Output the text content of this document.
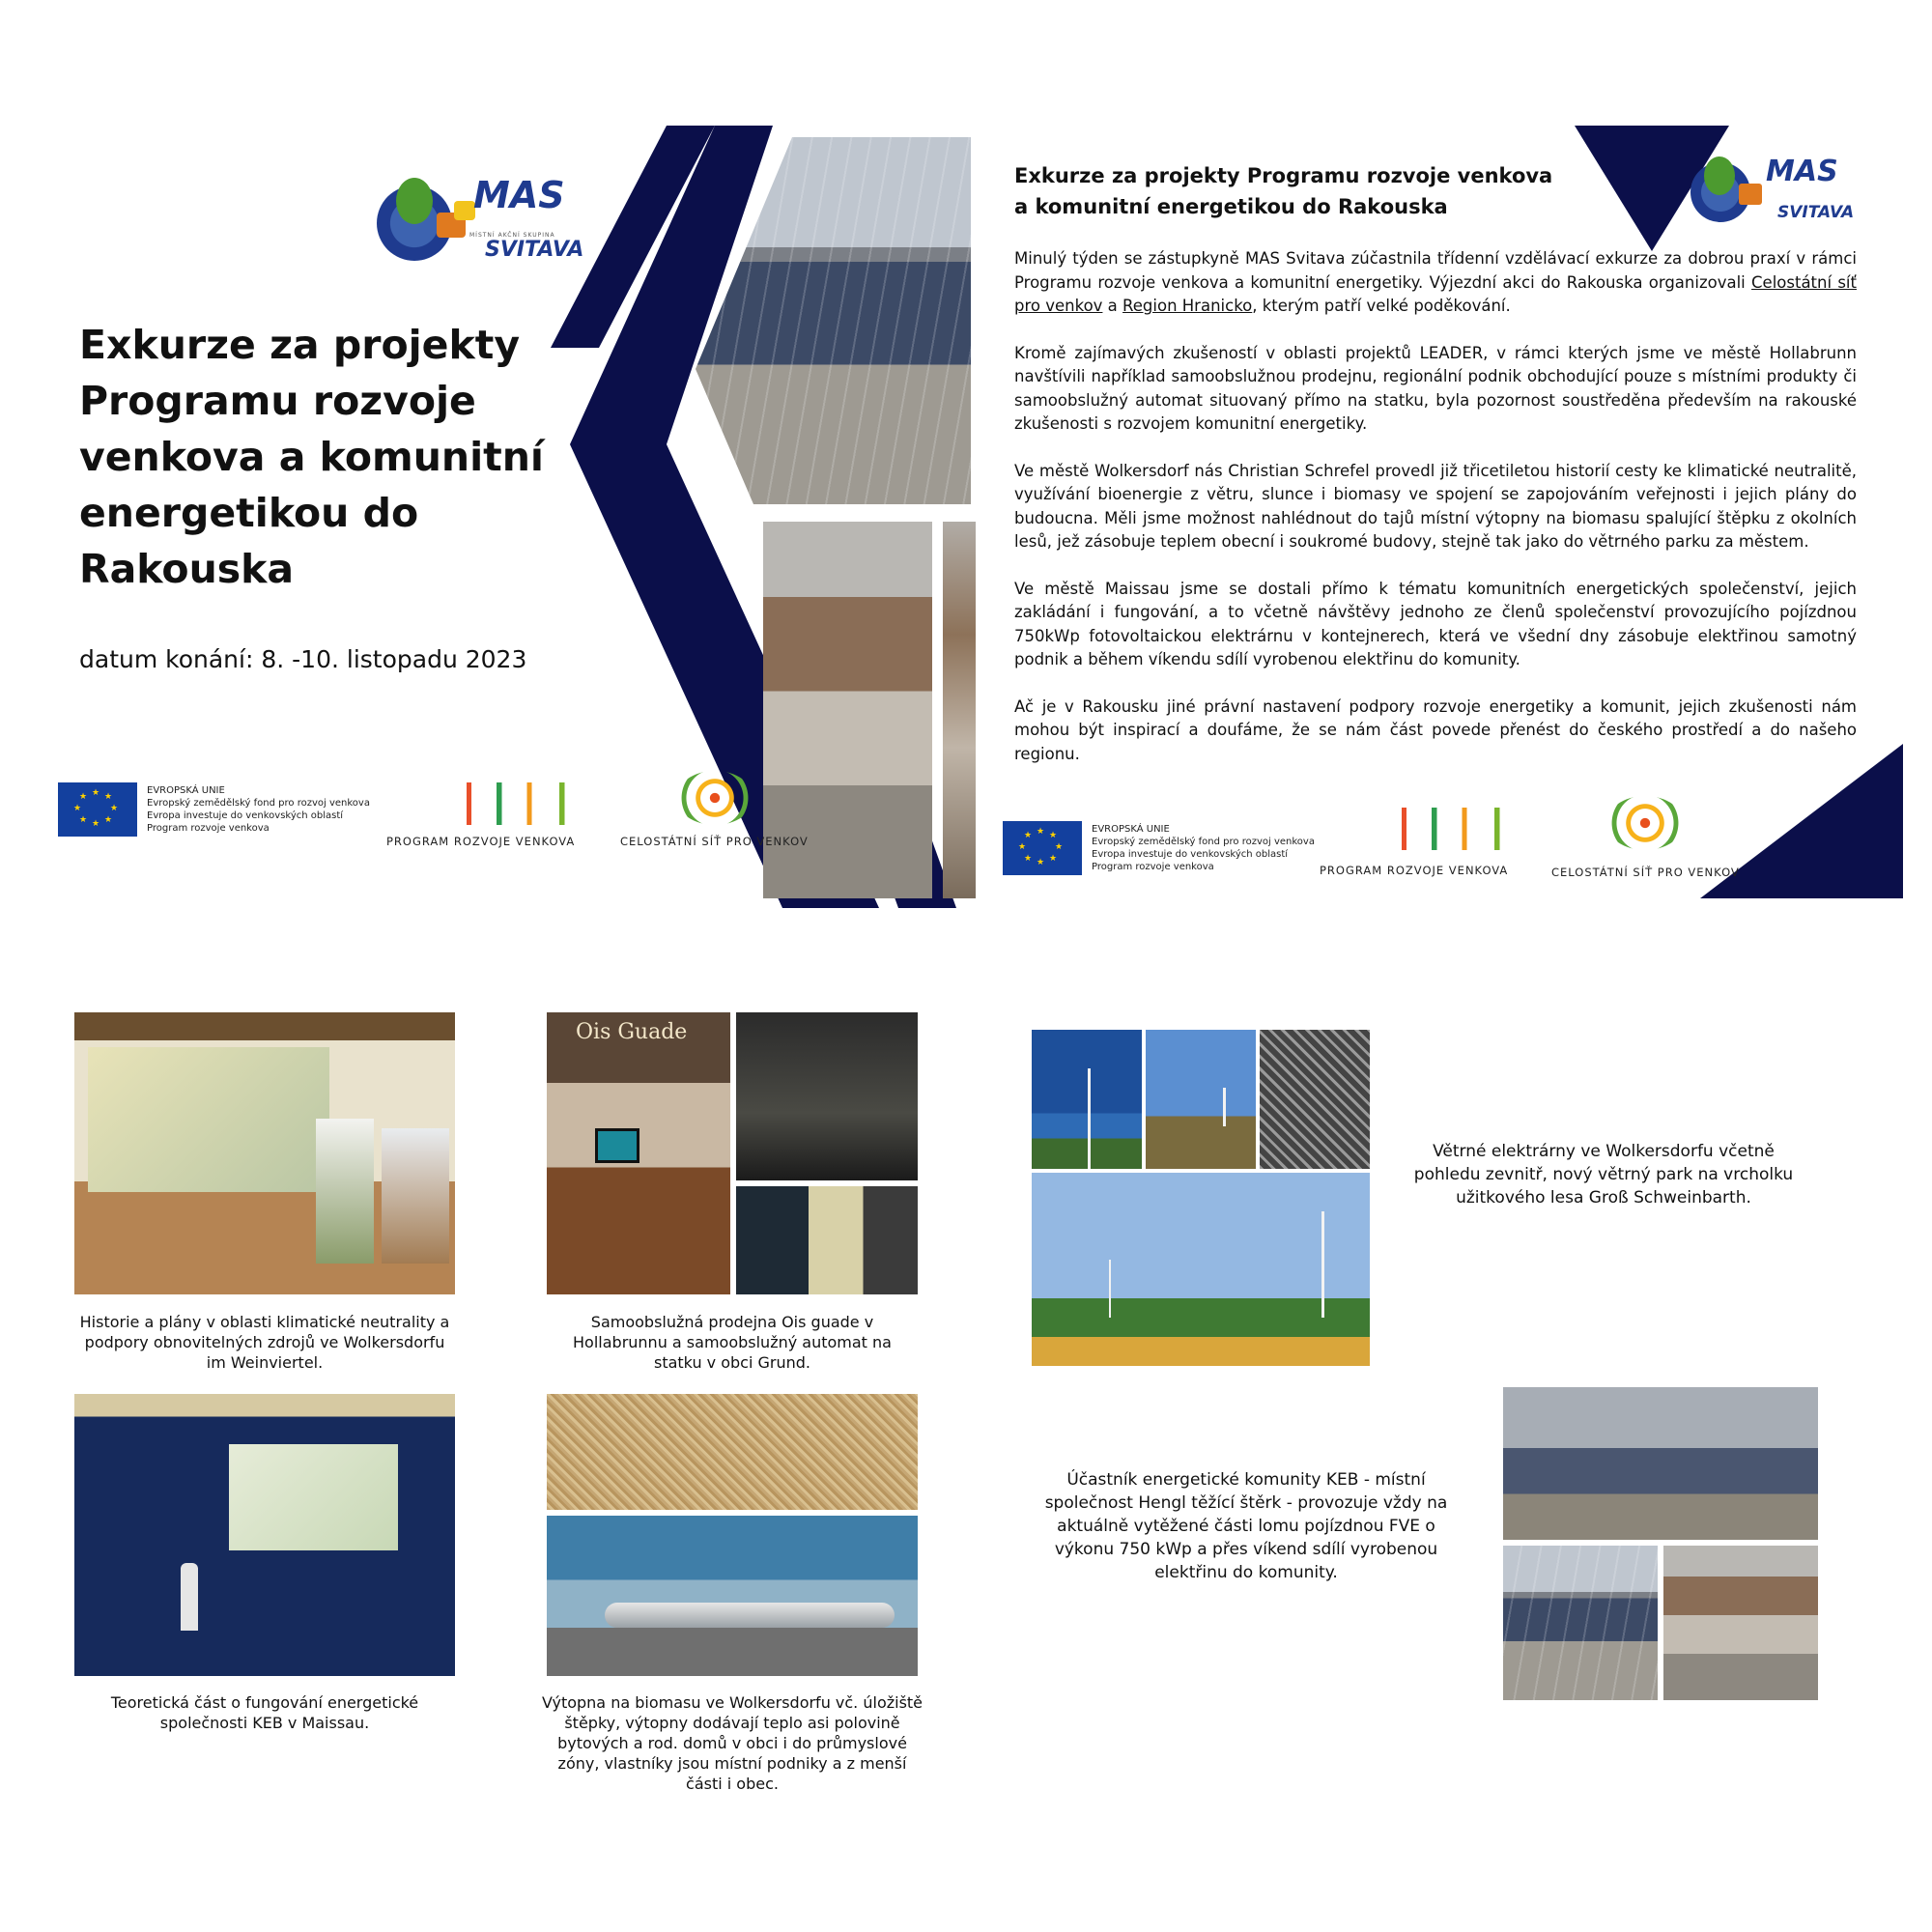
MAS
MÍSTNÍ AKČNÍ SKUPINA
SVITAVA
Exkurze za projekty
Programu rozvoje
venkova a komunitní
energetikou do
Rakouska
datum konání: 8. -10. listopadu 2023
★ ★
★
★
★
★
★
★
EVROPSKÁ UNIE
Evropský zemědělský fond pro rozvoj venkova
Evropa investuje do venkovských oblastí
Program rozvoje venkova
PROGRAM ROZVOJE VENKOVA	CELOSTÁTNÍ SÍŤ PRO VENKOV
MAS
SVITAVA
Exkurze za projekty Programu rozvoje venkova
a komunitní energetikou do Rakouska

Minulý týden se zástupkyně MAS Svitava zúčastnila třídenní vzdělávací exkurze za dobrou praxí v rámci Programu rozvoje venkova a komunitní energetiky. Výjezdní akci do Rakouska organizovali Celostátní síť pro venkov a Region Hranicko, kterým patří velké poděkování.

Kromě zajímavých zkušeností v oblasti projektů LEADER, v rámci kterých jsme ve městě Hollabrunn navštívili například samoobslužnou prodejnu, regionální podnik obchodující pouze s místními produkty či samoobslužný automat situovaný přímo na statku, byla pozornost soustředěna především na rakouské zkušenosti s rozvojem komunitní energetiky.

Ve městě Wolkersdorf nás Christian Schrefel provedl již třicetiletou historií cesty ke klimatické neutralitě, využívání bioenergie z větru, slunce i biomasy ve spojení se zapojováním veřejnosti i jejich plány do budoucna. Měli jsme možnost nahlédnout do tajů místní výtopny na biomasu spalující štěpku z okolních lesů, jež zásobuje teplem obecní i soukromé budovy, stejně tak jako do větrného parku za městem.

Ve městě Maissau jsme se dostali přímo k tématu komunitních energetických společenství, jejich zakládání i fungování, a to včetně návštěvy jednoho ze členů společenství provozujícího pojízdnou 750kWp fotovoltaickou elektrárnu v kontejnerech, která ve všední dny zásobuje elektřinou samotný podnik a během víkendu sdílí vyrobenou elektřinu do komunity.

Ač je v Rakousku jiné právní nastavení podpory rozvoje energetiky a komunit, jejich zkušenosti nám mohou být inspirací a doufáme, že se nám část povede přenést do českého prostředí a do našeho regionu.

★ ★
★
★
★
★
★
★
EVROPSKÁ UNIE
Evropský zemědělský fond pro rozvoj venkova
Evropa investuje do venkovských oblastí
Program rozvoje venkova	PROGRAM ROZVOJE VENKOVA	CELOSTÁTNÍ SÍŤ PRO VENKOV
Historie a plány v oblasti klimatické neutrality a podpory obnovitelných zdrojů ve Wolkersdorfu im Weinviertel.
Ois Guade
Samoobslužná prodejna Ois guade v Hollabrunnu a samoobslužný automat na statku v obci Grund.
Teoretická část o fungování energetické společnosti KEB v Maissau.
Výtopna na biomasu ve Wolkersdorfu vč. úložiště štěpky, výtopny dodávají teplo asi polovině bytových a rod. domů v obci i do průmyslové zóny, vlastníky jsou místní podniky a z menší části i obec.
Větrné elektrárny ve Wolkersdorfu včetně pohledu zevnitř, nový větrný park na vrcholku užitkového lesa Groß Schweinbarth.
Účastník energetické komunity KEB - místní společnost Hengl těžící štěrk - provozuje vždy na aktuálně vytěžené části lomu pojízdnou FVE o výkonu 750 kWp a přes víkend sdílí vyrobenou elektřinu do komunity.
